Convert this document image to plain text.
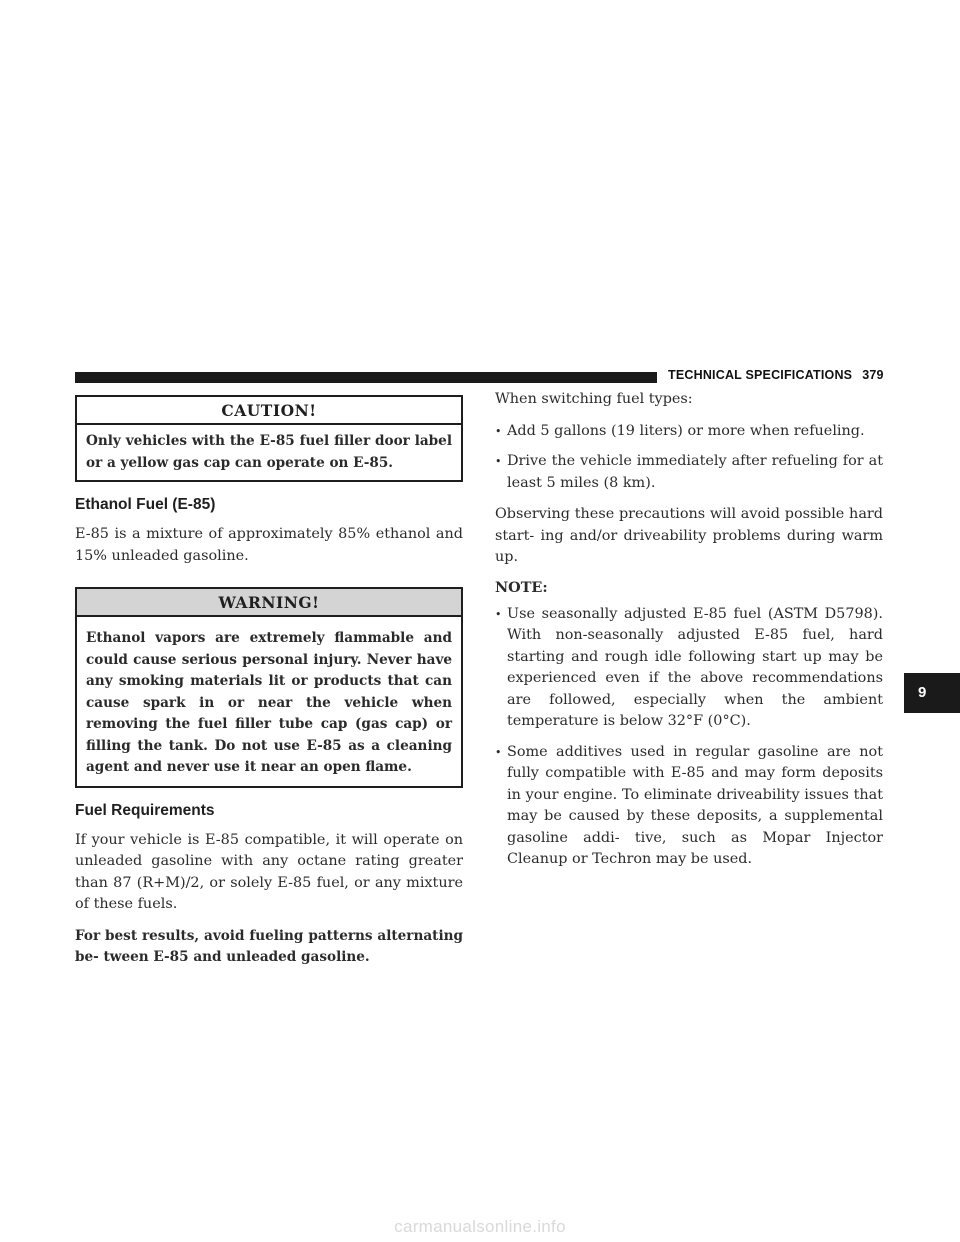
TECHNICAL SPECIFICATIONS 379
CAUTION!
Only vehicles with the E-85 fuel filler door label or a yellow gas cap can operate on E-85.
Ethanol Fuel (E-85)

E-85 is a mixture of approximately 85% ethanol and 15% unleaded gasoline.

WARNING!
Ethanol vapors are extremely flammable and could cause serious personal injury. Never have any smoking materials lit or products that can cause spark in or near the vehicle when removing the fuel filler tube cap (gas cap) or filling the tank. Do not use E-85 as a cleaning agent and never use it near an open flame.
Fuel Requirements

If your vehicle is E-85 compatible, it will operate on unleaded gasoline with any octane rating greater than 87 (R+M)/2, or solely E-85 fuel, or any mixture of these fuels.

For best results, avoid fueling patterns alternating be- tween E-85 and unleaded gasoline.

When switching fuel types:

• Add 5 gallons (19 liters) or more when refueling.
• Drive the vehicle immediately after refueling for at least 5 miles (8 km).

Observing these precautions will avoid possible hard start- ing and/or driveability problems during warm up.

NOTE:
• Use seasonally adjusted E-85 fuel (ASTM D5798). With non-seasonally adjusted E-85 fuel, hard starting and rough idle following start up may be experienced even if the above recommendations are followed, especially when the ambient temperature is below 32°F (0°C).
• Some additives used in regular gasoline are not fully compatible with E-85 and may form deposits in your engine. To eliminate driveability issues that may be caused by these deposits, a supplemental gasoline addi- tive, such as Mopar Injector Cleanup or Techron may be used.
9
carmanualsonline.info
